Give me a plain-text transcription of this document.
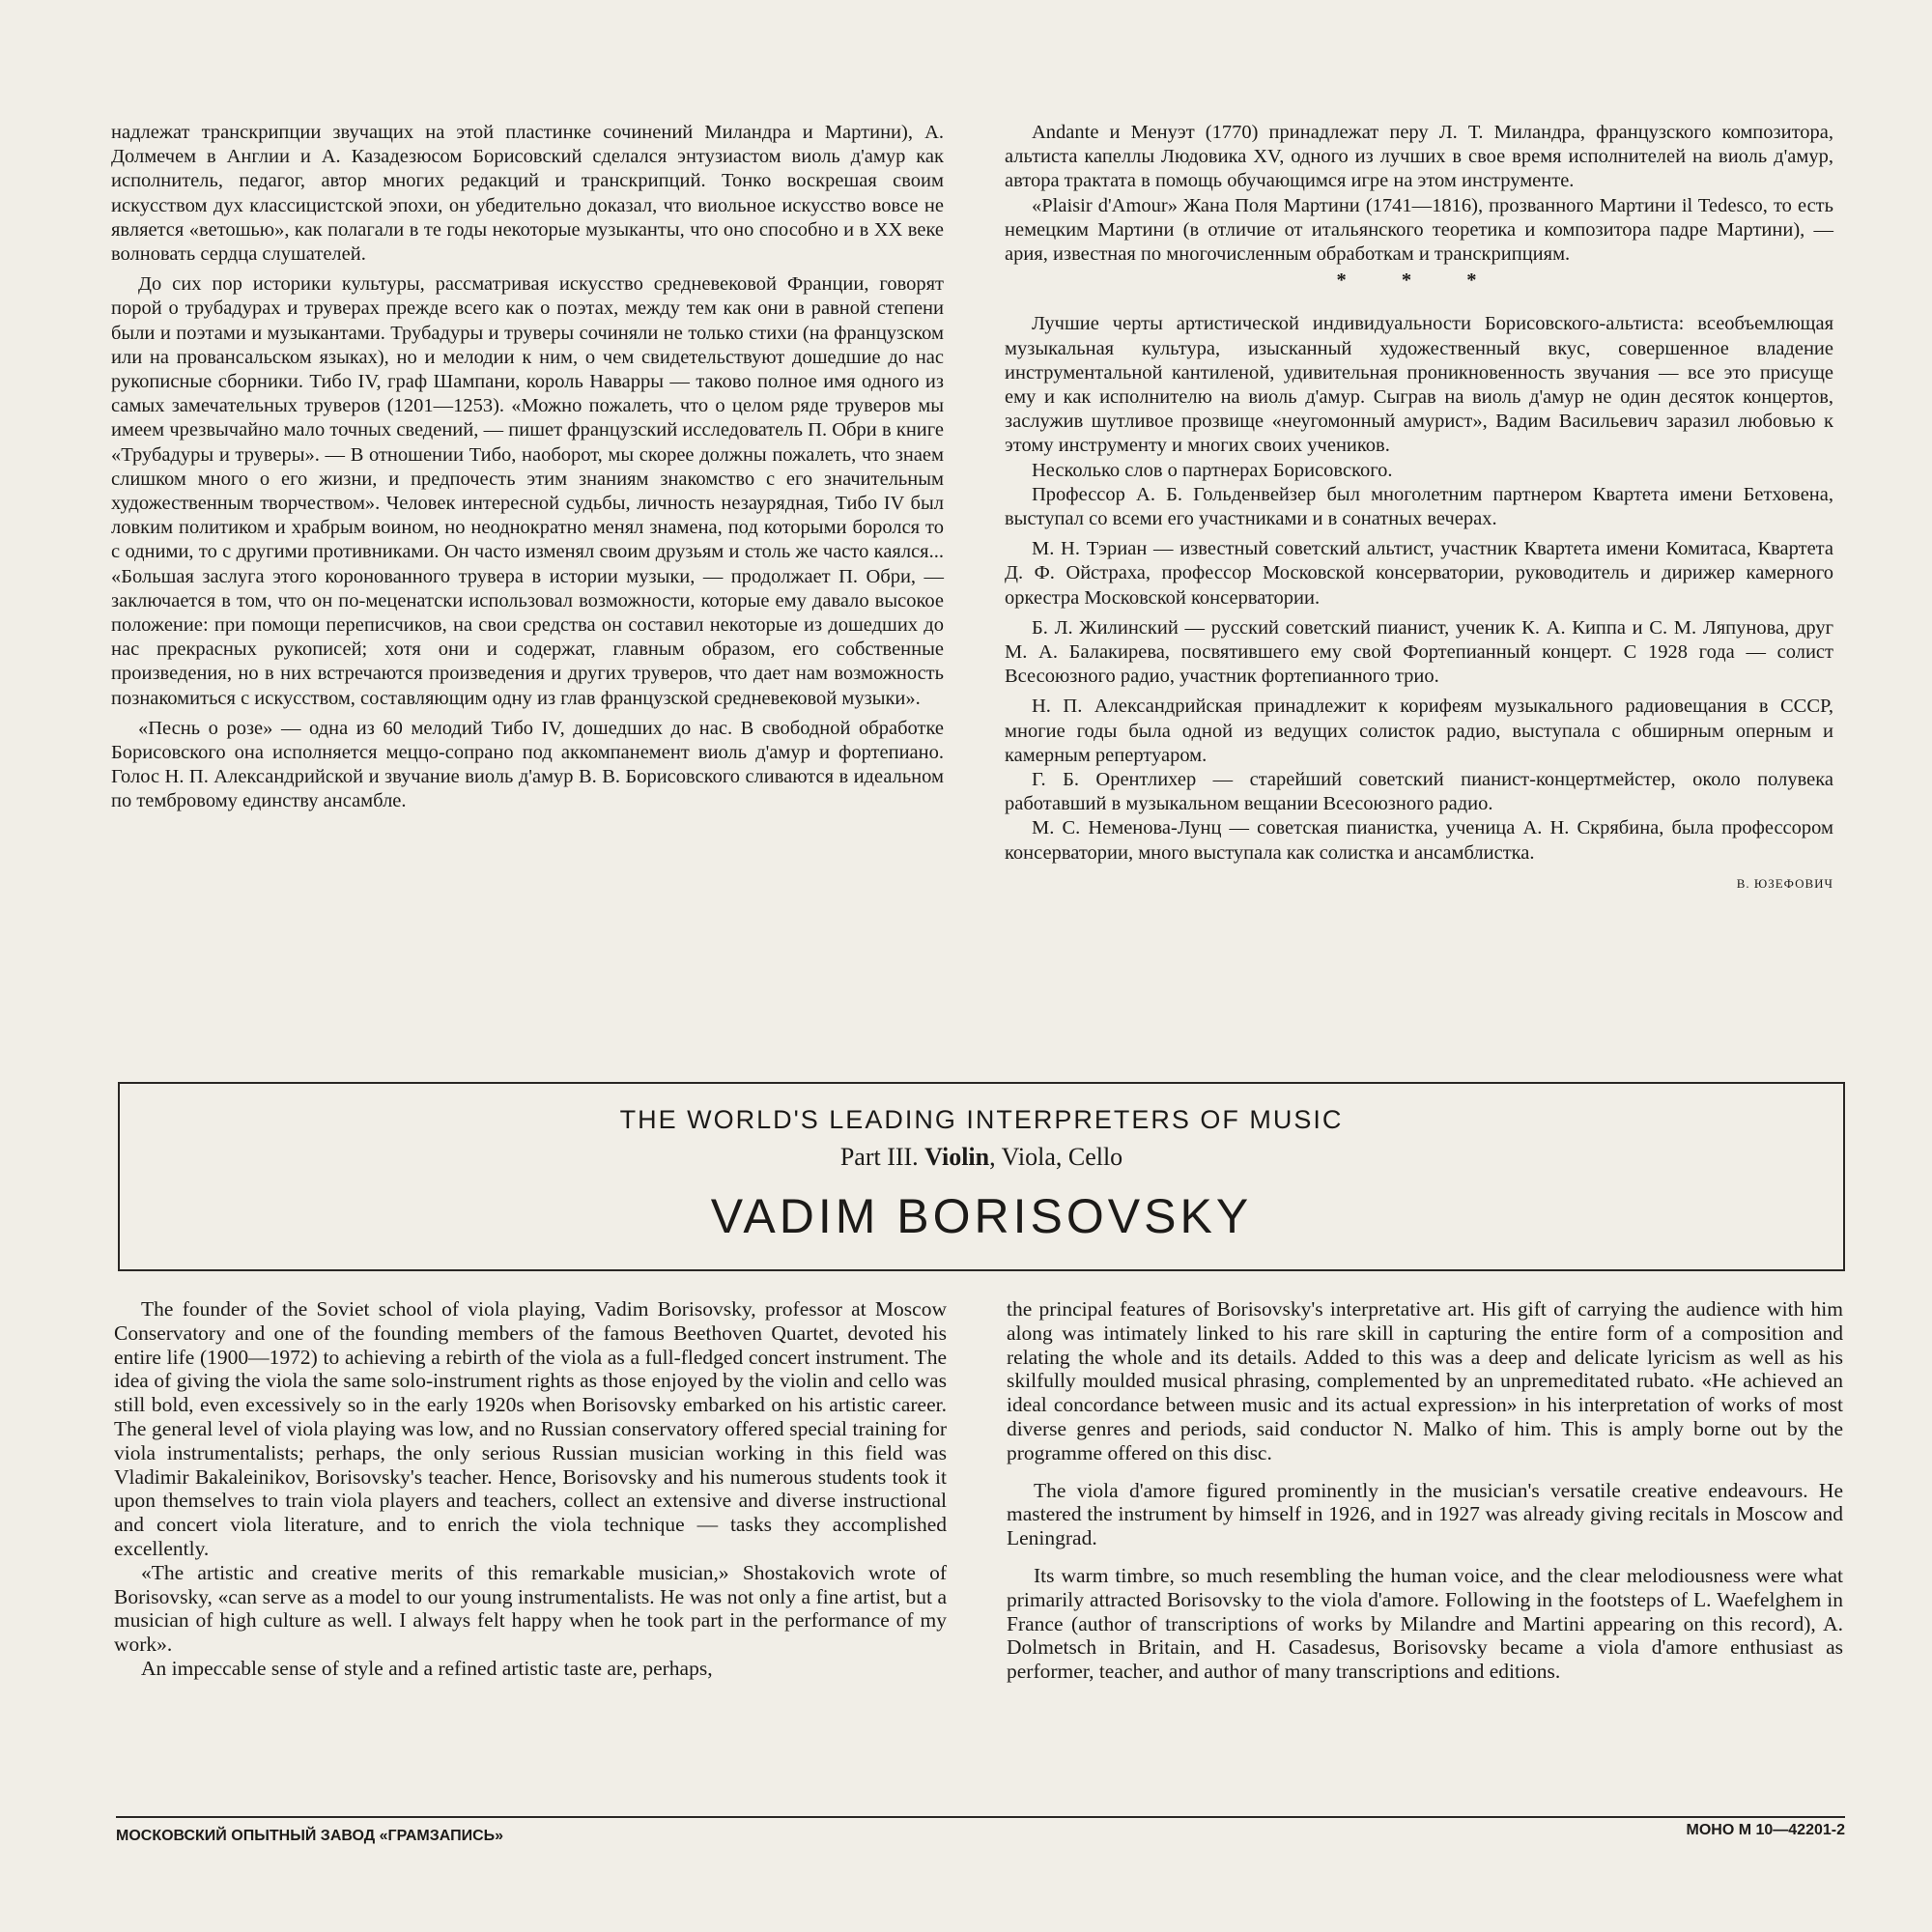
надлежат транскрипции звучащих на этой пластинке сочинений Миландра и Мартини), А. Долмечем в Англии и А. Казадезюсом Борисовский сделался энтузиастом виоль д'амур как исполнитель, педагог, автор многих редакций и транскрипций. Тонко воскрешая своим искусством дух классицистской эпохи, он убедительно доказал, что виольное искусство вовсе не является «ветошью», как полагали в те годы некоторые музыканты, что оно способно и в XX веке волновать сердца слушателей.

До сих пор историки культуры, рассматривая искусство средневековой Франции, говорят порой о трубадурах и труверах прежде всего как о поэтах, между тем как они в равной степени были и поэтами и музыкантами. Трубадуры и труверы сочиняли не только стихи (на французском или на провансальском языках), но и мелодии к ним, о чем свидетельствуют дошедшие до нас рукописные сборники. Тибо IV, граф Шампани, король Наварры — таково полное имя одного из самых замечательных труверов (1201—1253). «Можно пожалеть, что о целом ряде труверов мы имеем чрезвычайно мало точных сведений, — пишет французский исследователь П. Обри в книге «Трубадуры и труверы». — В отношении Тибо, наоборот, мы скорее должны пожалеть, что знаем слишком много о его жизни, и предпочесть этим знаниям знакомство с его значительным художественным творчеством». Человек интересной судьбы, личность незаурядная, Тибо IV был ловким политиком и храбрым воином, но неоднократно менял знамена, под которыми боролся то с одними, то с другими противниками. Он часто изменял своим друзьям и столь же часто каялся... «Большая заслуга этого коронованного трувера в истории музыки, — продолжает П. Обри, — заключается в том, что он по-меценатски использовал возможности, которые ему давало высокое положение: при помощи переписчиков, на свои средства он составил некоторые из дошедших до нас прекрасных рукописей; хотя они и содержат, главным образом, его собственные произведения, но в них встречаются произведения и других труверов, что дает нам возможность познакомиться с искусством, составляющим одну из глав французской средневековой музыки».

«Песнь о розе» — одна из 60 мелодий Тибо IV, дошедших до нас. В свободной обработке Борисовского она исполняется меццо-сопрано под аккомпанемент виоль д'амур и фортепиано. Голос Н. П. Александрийской и звучание виоль д'амур В. В. Борисовского сливаются в идеальном по тембровому единству ансамбле.

Andante и Менуэт (1770) принадлежат перу Л. Т. Миландра, французского композитора, альтиста капеллы Людовика XV, одного из лучших в свое время исполнителей на виоль д'амур, автора трактата в помощь обучающимся игре на этом инструменте.

«Plaisir d'Amour» Жана Поля Мартини (1741—1816), прозванного Мартини il Tedesco, то есть немецким Мартини (в отличие от итальянского теоретика и композитора падре Мартини), — ария, известная по многочисленным обработкам и транскрипциям.

* * *

Лучшие черты артистической индивидуальности Борисовского-альтиста: всеобъемлющая музыкальная культура, изысканный художественный вкус, совершенное владение инструментальной кантиленой, удивительная проникновенность звучания — все это присуще ему и как исполнителю на виоль д'амур. Сыграв на виоль д'амур не один десяток концертов, заслужив шутливое прозвище «неугомонный амурист», Вадим Васильевич заразил любовью к этому инструменту и многих своих учеников.

Несколько слов о партнерах Борисовского.

Профессор А. Б. Гольденвейзер был многолетним партнером Квартета имени Бетховена, выступал со всеми его участниками и в сонатных вечерах.

М. Н. Тэриан — известный советский альтист, участник Квартета имени Комитаса, Квартета Д. Ф. Ойстраха, профессор Московской консерватории, руководитель и дирижер камерного оркестра Московской консерватории.

Б. Л. Жилинский — русский советский пианист, ученик К. А. Киппа и С. М. Ляпунова, друг М. А. Балакирева, посвятившего ему свой Фортепианный концерт. С 1928 года — солист Всесоюзного радио, участник фортепианного трио.

Н. П. Александрийская принадлежит к корифеям музыкального радиовещания в СССР, многие годы была одной из ведущих солисток радио, выступала с обширным оперным и камерным репертуаром.

Г. Б. Орентлихер — старейший советский пианист-концертмейстер, около полувека работавший в музыкальном вещании Всесоюзного радио.

М. С. Неменова-Лунц — советская пианистка, ученица А. Н. Скрябина, была профессором консерватории, много выступала как солистка и ансамблистка.

В. ЮЗЕФОВИЧ

THE WORLD'S LEADING INTERPRETERS OF MUSIC
Part III. Violin, Viola, Cello
VADIM BORISOVSKY

The founder of the Soviet school of viola playing, Vadim Borisovsky, professor at Moscow Conservatory and one of the founding members of the famous Beethoven Quartet, devoted his entire life (1900—1972) to achieving a rebirth of the viola as a full-fledged concert instrument. The idea of giving the viola the same solo-instrument rights as those enjoyed by the violin and cello was still bold, even excessively so in the early 1920s when Borisovsky embarked on his artistic career. The general level of viola playing was low, and no Russian conservatory offered special training for viola instrumentalists; perhaps, the only serious Russian musician working in this field was Vladimir Bakaleinikov, Borisovsky's teacher. Hence, Borisovsky and his numerous students took it upon themselves to train viola players and teachers, collect an extensive and diverse instructional and concert viola literature, and to enrich the viola technique — tasks they accomplished excellently.

«The artistic and creative merits of this remarkable musician,» Shostakovich wrote of Borisovsky, «can serve as a model to our young instrumentalists. He was not only a fine artist, but a musician of high culture as well. I always felt happy when he took part in the performance of my work».

An impeccable sense of style and a refined artistic taste are, perhaps,

the principal features of Borisovsky's interpretative art. His gift of carrying the audience with him along was intimately linked to his rare skill in capturing the entire form of a composition and relating the whole and its details. Added to this was a deep and delicate lyricism as well as his skilfully moulded musical phrasing, complemented by an unpremeditated rubato. «He achieved an ideal concordance between music and its actual expression» in his interpretation of works of most diverse genres and periods, said conductor N. Malko of him. This is amply borne out by the programme offered on this disc.

The viola d'amore figured prominently in the musician's versatile creative endeavours. He mastered the instrument by himself in 1926, and in 1927 was already giving recitals in Moscow and Leningrad.

Its warm timbre, so much resembling the human voice, and the clear melodiousness were what primarily attracted Borisovsky to the viola d'amore. Following in the footsteps of L. Waefelghem in France (author of transcriptions of works by Milandre and Martini appearing on this record), A. Dolmetsch in Britain, and H. Casadesus, Borisovsky became a viola d'amore enthusiast as performer, teacher, and author of many transcriptions and editions.

МОСКОВСКИЙ ОПЫТНЫЙ ЗАВОД «ГРАМЗАПИСЬ»	МОНО М 10—42201-2
